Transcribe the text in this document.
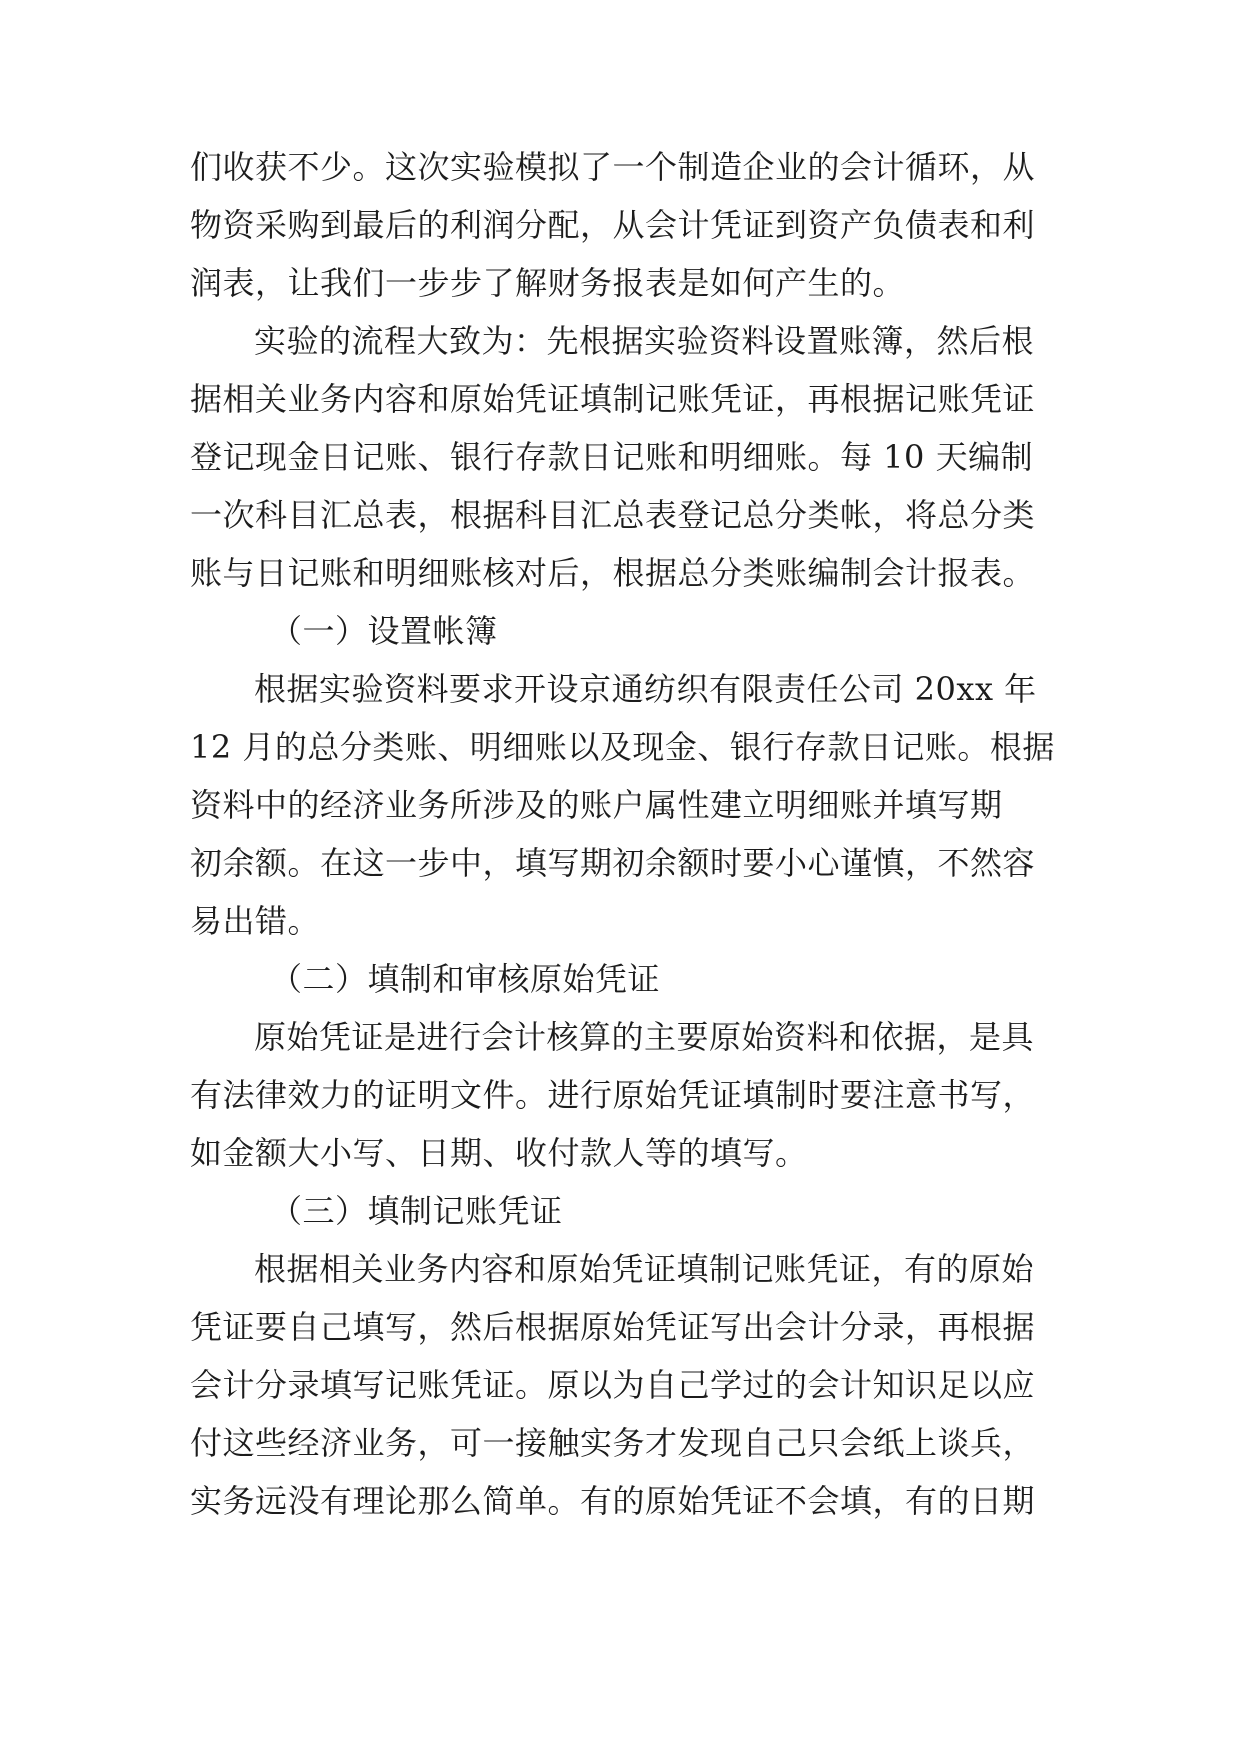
们收获不少。这次实验模拟了一个制造企业的会计循环，从
物资采购到最后的利润分配，从会计凭证到资产负债表和利
润表，让我们一步步了解财务报表是如何产生的。
实验的流程大致为：先根据实验资料设置账簿，然后根
据相关业务内容和原始凭证填制记账凭证，再根据记账凭证
登记现金日记账、银行存款日记账和明细账。每 10 天编制
一次科目汇总表，根据科目汇总表登记总分类帐，将总分类
账与日记账和明细账核对后，根据总分类账编制会计报表。
（一）设置帐簿
根据实验资料要求开设京通纺织有限责任公司 20xx 年
12 月的总分类账、明细账以及现金、银行存款日记账。根据
资料中的经济业务所涉及的账户属性建立明细账并填写期
初余额。在这一步中，填写期初余额时要小心谨慎，不然容
易出错。
（二）填制和审核原始凭证
原始凭证是进行会计核算的主要原始资料和依据，是具
有法律效力的证明文件。进行原始凭证填制时要注意书写，
如金额大小写、日期、收付款人等的填写。
（三）填制记账凭证
根据相关业务内容和原始凭证填制记账凭证，有的原始
凭证要自己填写，然后根据原始凭证写出会计分录，再根据
会计分录填写记账凭证。原以为自己学过的会计知识足以应
付这些经济业务，可一接触实务才发现自己只会纸上谈兵，
实务远没有理论那么简单。有的原始凭证不会填，有的日期
